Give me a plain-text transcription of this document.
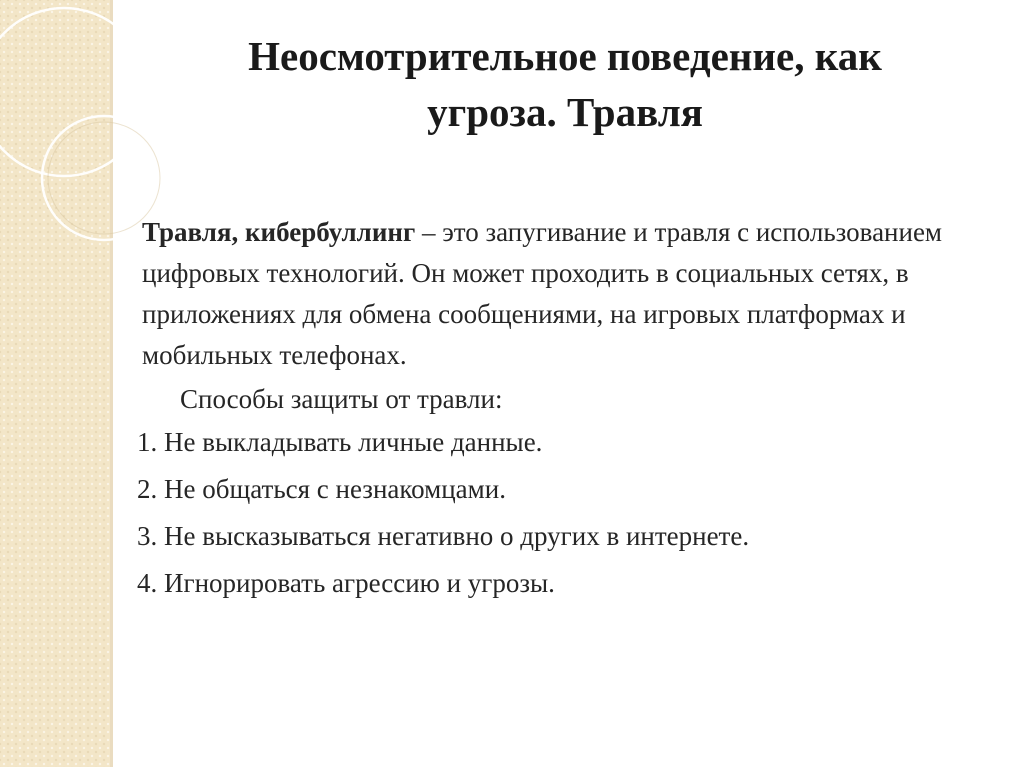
Неосмотрительное поведение, как
угроза. Травля

Травля, кибербуллинг – это запугивание и травля с использованием цифровых технологий. Он может проходить в социальных сетях, в приложениях для обмена сообщениями, на игровых платформах и мобильных телефонах.

Способы защиты от травли:

1. Не выкладывать личные данные.
2. Не общаться с незнакомцами.
3. Не высказываться негативно о других в интернете.
4. Игнорировать агрессию и угрозы.
